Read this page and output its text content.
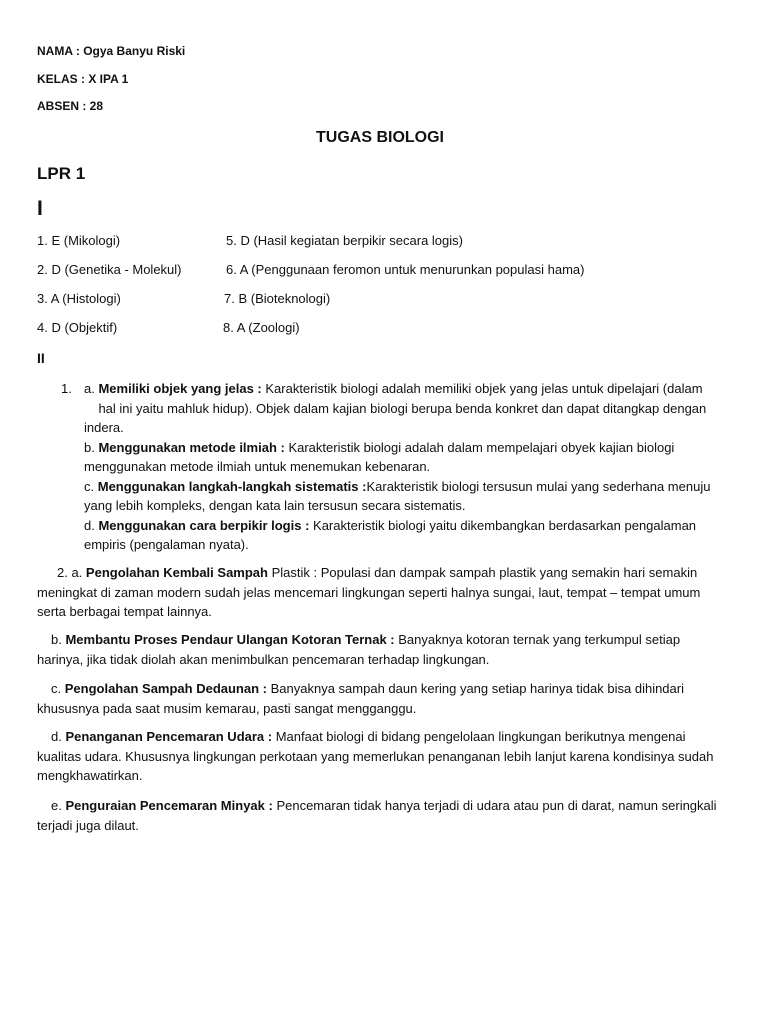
NAMA : Ogya Banyu Riski
KELAS : X IPA 1
ABSEN : 28
TUGAS BIOLOGI
LPR 1
I
1. E (Mikologi)
2. D (Genetika - Molekul)
3. A (Histologi)
4. D (Objektif)
5. D (Hasil kegiatan berpikir secara logis)
6. A (Penggunaan feromon untuk menurunkan populasi hama)
7. B (Bioteknologi)
8. A (Zoologi)
II
1. a. Memiliki objek yang jelas : Karakteristik biologi adalah memiliki objek yang jelas untuk dipelajari (dalam     hal ini yaitu mahluk hidup). Objek dalam kajian biologi berupa benda konkret dan dapat ditangkap dengan indera.

b. Menggunakan metode ilmiah : Karakteristik biologi adalah dalam mempelajari obyek kajian biologi menggunakan metode ilmiah untuk menemukan kebenaran.

c. Menggunakan langkah-langkah sistematis :Karakteristik biologi tersusun mulai yang sederhana menuju yang lebih kompleks, dengan kata lain tersusun secara sistematis.

d. Menggunakan cara berpikir logis : Karakteristik biologi yaitu dikembangkan berdasarkan pengalaman empiris (pengalaman nyata).

2. a. Pengolahan Kembali Sampah Plastik : Populasi dan dampak sampah plastik yang semakin hari semakin meningkat di zaman modern sudah jelas mencemari lingkungan seperti halnya sungai, laut, tempat – tempat umum serta berbagai tempat lainnya.
b. Membantu Proses Pendaur Ulangan Kotoran Ternak : Banyaknya kotoran ternak yang terkumpul setiap harinya, jika tidak diolah akan menimbulkan pencemaran terhadap lingkungan.
c. Pengolahan Sampah Dedaunan : Banyaknya sampah daun kering yang setiap harinya tidak bisa dihindari khususnya pada saat musim kemarau, pasti sangat mengganggu.
d. Penanganan Pencemaran Udara : Manfaat biologi di bidang pengelolaan lingkungan berikutnya mengenai kualitas udara. Khususnya lingkungan perkotaan yang memerlukan penanganan lebih lanjut karena kondisinya sudah mengkhawatirkan.
e. Penguraian Pencemaran Minyak : Pencemaran tidak hanya terjadi di udara atau pun di darat, namun seringkali terjadi juga dilaut.
